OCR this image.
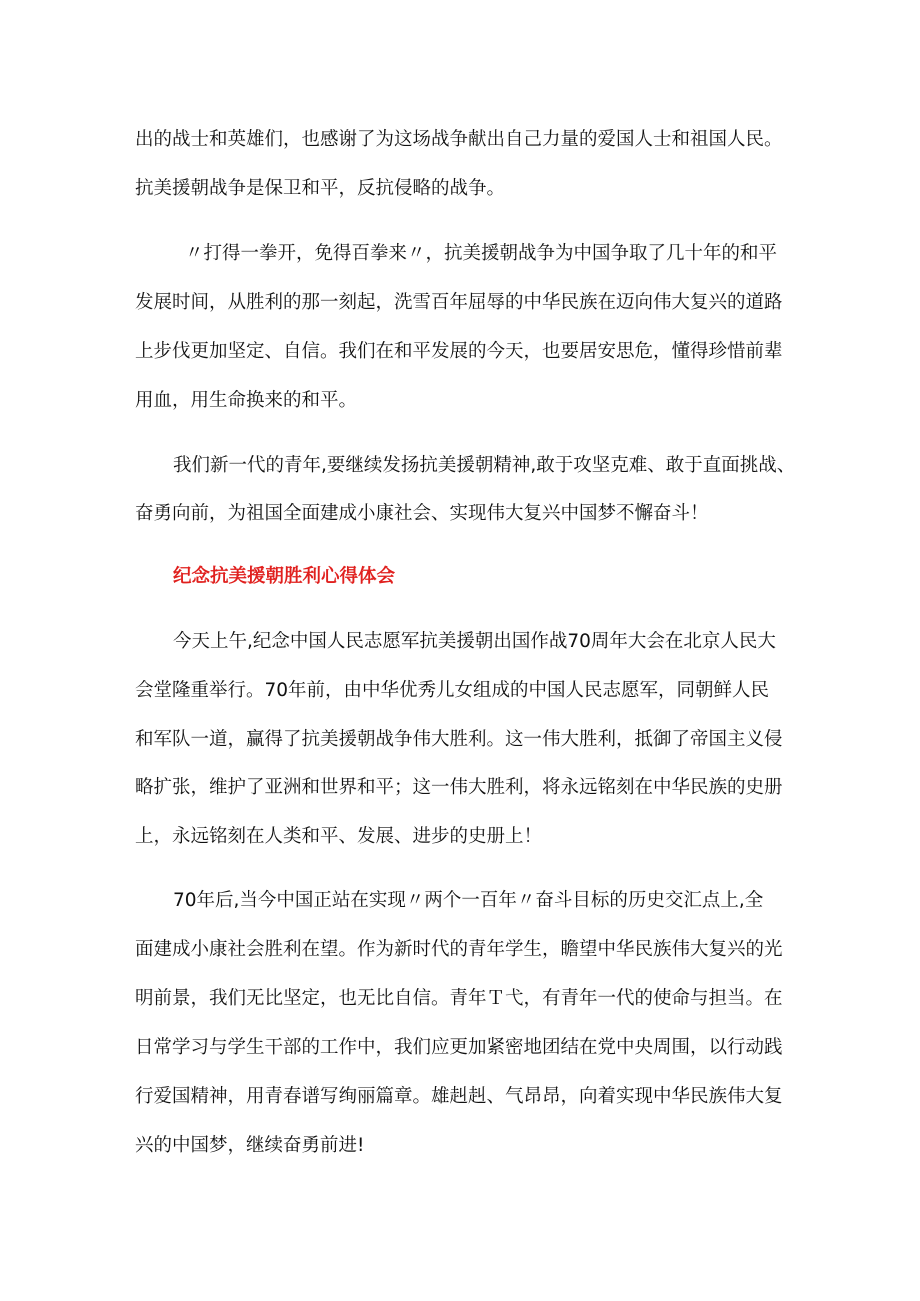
出的战士和英雄们，也感谢了为这场战争献出自己力量的爱国人士和祖国人民。

抗美援朝战争是保卫和平，反抗侵略的战争。

〃打得一拳开，免得百拳来〃，抗美援朝战争为中国争取了几十年的和平

发展时间，从胜利的那一刻起，洗雪百年屈辱的中华民族在迈向伟大复兴的道路

上步伐更加坚定、自信。我们在和平发展的今天，也要居安思危，懂得珍惜前辈

用血，用生命换来的和平。

我们新一代的青年,要继续发扬抗美援朝精神,敢于攻坚克难、敢于直面挑战、

奋勇向前，为祖国全面建成小康社会、实现伟大复兴中国梦不懈奋斗！

纪念抗美援朝胜利心得体会

今天上午,纪念中国人民志愿军抗美援朝出国作战70周年大会在北京人民大

会堂隆重举行。70年前，由中华优秀儿女组成的中国人民志愿军，同朝鲜人民

和军队一道，赢得了抗美援朝战争伟大胜利。这一伟大胜利，抵御了帝国主义侵

略扩张，维护了亚洲和世界和平；这一伟大胜利，将永远铭刻在中华民族的史册

上，永远铭刻在人类和平、发展、进步的史册上！

70年后,当今中国正站在实现〃两个一百年〃奋斗目标的历史交汇点上,全

面建成小康社会胜利在望。作为新时代的青年学生，瞻望中华民族伟大复兴的光

明前景，我们无比坚定，也无比自信。青年Ｔ弋，有青年一代的使命与担当。在

日常学习与学生干部的工作中，我们应更加紧密地团结在党中央周围，以行动践

行爱国精神，用青春谱写绚丽篇章。雄赳赳、气昂昂，向着实现中华民族伟大复

兴的中国梦，继续奋勇前进!
